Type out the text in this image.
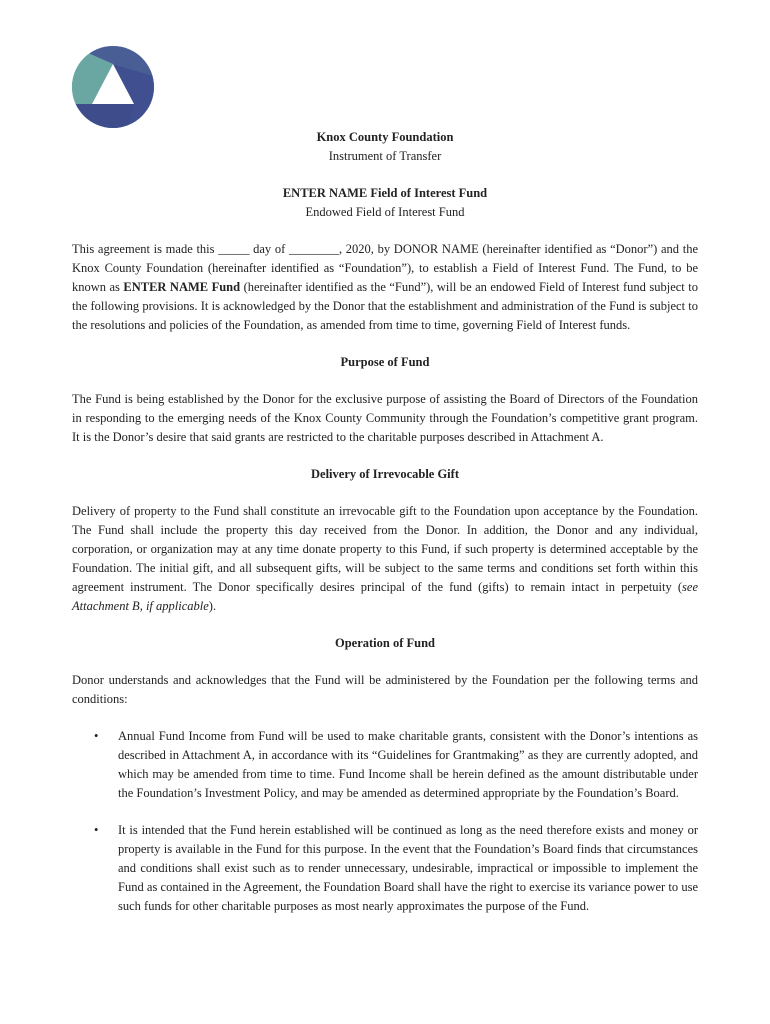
Knox County Foundation
Instrument of Transfer
ENTER NAME Field of Interest Fund
Endowed Field of Interest Fund

This agreement is made this _____ day of ________, 2020, by DONOR NAME (hereinafter identified as “Donor”) and the Knox County Foundation (hereinafter identified as “Foundation”), to establish a Field of Interest Fund. The Fund, to be known as ENTER NAME Fund (hereinafter identified as the “Fund”), will be an endowed Field of Interest fund subject to the following provisions. It is acknowledged by the Donor that the establishment and administration of the Fund is subject to the resolutions and policies of the Foundation, as amended from time to time, governing Field of Interest funds.

Purpose of Fund

The Fund is being established by the Donor for the exclusive purpose of assisting the Board of Directors of the Foundation in responding to the emerging needs of the Knox County Community through the Foundation’s competitive grant program. It is the Donor’s desire that said grants are restricted to the charitable purposes described in Attachment A.

Delivery of Irrevocable Gift

Delivery of property to the Fund shall constitute an irrevocable gift to the Foundation upon acceptance by the Foundation. The Fund shall include the property this day received from the Donor. In addition, the Donor and any individual, corporation, or organization may at any time donate property to this Fund, if such property is determined acceptable by the Foundation. The initial gift, and all subsequent gifts, will be subject to the same terms and conditions set forth within this agreement instrument. The Donor specifically desires principal of the fund (gifts) to remain intact in perpetuity (see Attachment B, if applicable).

Operation of Fund

Donor understands and acknowledges that the Fund will be administered by the Foundation per the following terms and conditions:

• Annual Fund Income from Fund will be used to make charitable grants, consistent with the Donor’s intentions as described in Attachment A, in accordance with its “Guidelines for Grantmaking” as they are currently adopted, and which may be amended from time to time. Fund Income shall be herein defined as the amount distributable under the Foundation’s Investment Policy, and may be amended as determined appropriate by the Foundation’s Board.
• It is intended that the Fund herein established will be continued as long as the need therefore exists and money or property is available in the Fund for this purpose. In the event that the Foundation’s Board finds that circumstances and conditions shall exist such as to render unnecessary, undesirable, impractical or impossible to implement the Fund as contained in the Agreement, the Foundation Board shall have the right to exercise its variance power to use such funds for other charitable purposes as most nearly approximates the purpose of the Fund.
